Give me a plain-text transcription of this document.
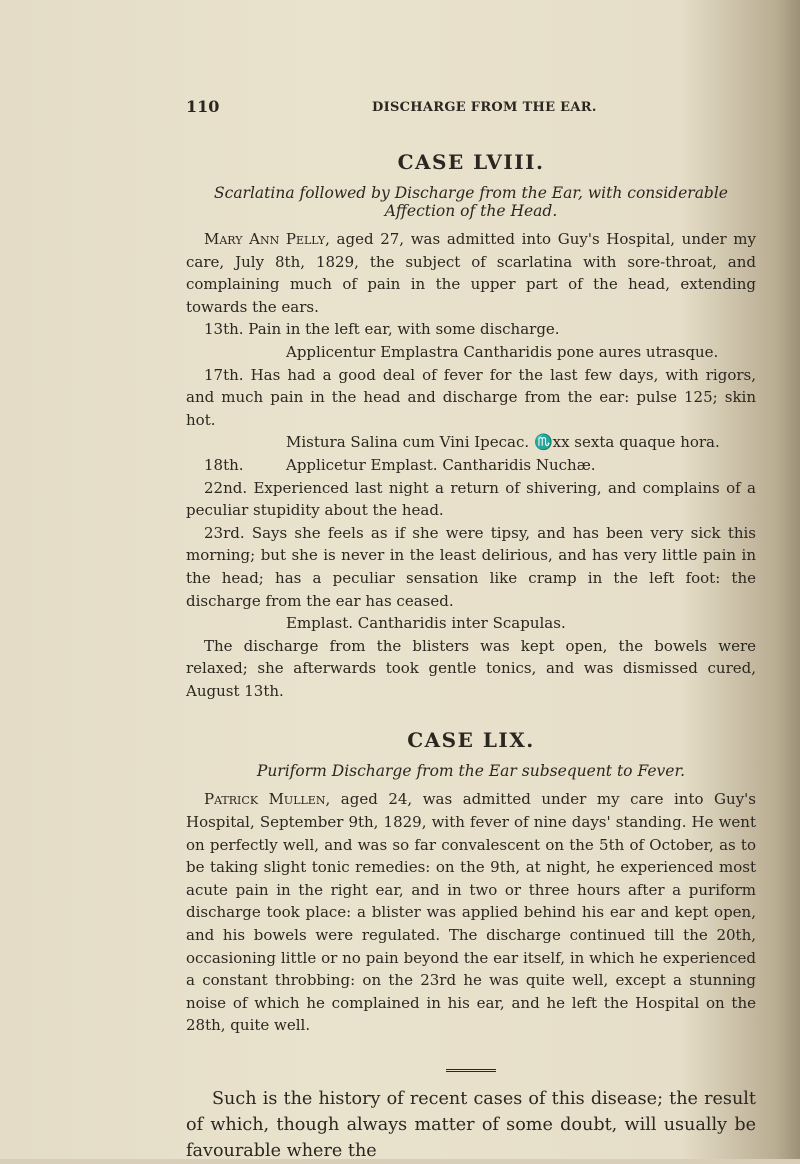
110	DISCHARGE FROM THE EAR.
CASE LVIII.
Scarlatina followed by Discharge from the Ear, with considerable Affection of the Head.

Mary Ann Pelly, aged 27, was admitted into Guy's Hospital, under my care, July 8th, 1829, the subject of scarlatina with sore-throat, and complaining much of pain in the upper part of the head, extending towards the ears.

13th. Pain in the left ear, with some discharge.

Applicentur Emplastra Cantharidis pone aures utrasque.

17th. Has had a good deal of fever for the last few days, with rigors, and much pain in the head and discharge from the ear: pulse 125; skin hot.

Mistura Salina cum Vini Ipecac. ♏xx sexta quaque hora.

18th.	Applicetur Emplast. Cantharidis Nuchæ.

22nd. Experienced last night a return of shivering, and complains of a peculiar stupidity about the head.

23rd. Says she feels as if she were tipsy, and has been very sick this morning; but she is never in the least delirious, and has very little pain in the head; has a peculiar sensation like cramp in the left foot: the discharge from the ear has ceased.

Emplast. Cantharidis inter Scapulas.

The discharge from the blisters was kept open, the bowels were relaxed; she afterwards took gentle tonics, and was dismissed cured, August 13th.

CASE LIX.
Puriform Discharge from the Ear subsequent to Fever.

Patrick Mullen, aged 24, was admitted under my care into Guy's Hospital, September 9th, 1829, with fever of nine days' standing. He went on perfectly well, and was so far convalescent on the 5th of October, as to be taking slight tonic remedies: on the 9th, at night, he experienced most acute pain in the right ear, and in two or three hours after a puriform discharge took place: a blister was applied behind his ear and kept open, and his bowels were regulated. The discharge continued till the 20th, occasioning little or no pain beyond the ear itself, in which he experienced a constant throbbing: on the 23rd he was quite well, except a stunning noise of which he complained in his ear, and he left the Hospital on the 28th, quite well.

Such is the history of recent cases of this disease; the result of which, though always matter of some doubt, will usually be favourable where the
